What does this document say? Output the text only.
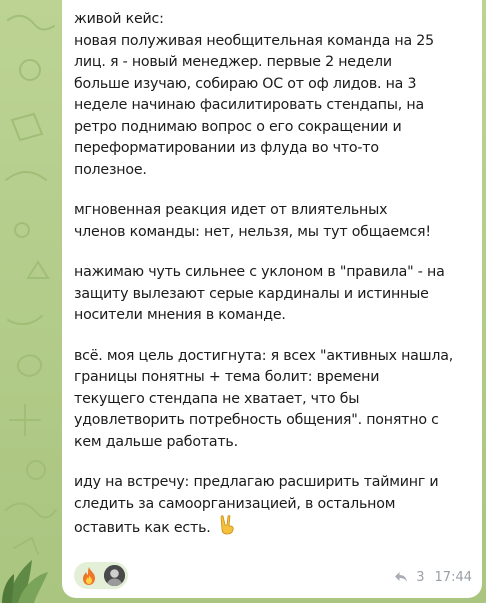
живой кейс:
новая полуживая необщительная команда на 25
лиц. я - новый менеджер. первые 2 недели
больше изучаю, собираю ОС от оф лидов. на 3
неделе начинаю фасилитировать стендапы, на
ретро поднимаю вопрос о его сокращении и
переформатировании из флуда во что-то
полезное.

мгновенная реакция идет от влиятельных
членов команды: нет, нельзя, мы тут общаемся!

нажимаю чуть сильнее с уклоном в "правила" - на
защиту вылезают серые кардиналы и истинные
носители мнения в команде.

всё. моя цель достигнута: я всех "активных нашла,
границы понятны + тема болит: времени
текущего стендапа не хватает, что бы
удовлетворить потребность общения". понятно с
кем дальше работать.

иду на встречу: предлагаю расширить тайминг и
следить за самоорганизацией, в остальном
оставить как есть.

3 17:44
